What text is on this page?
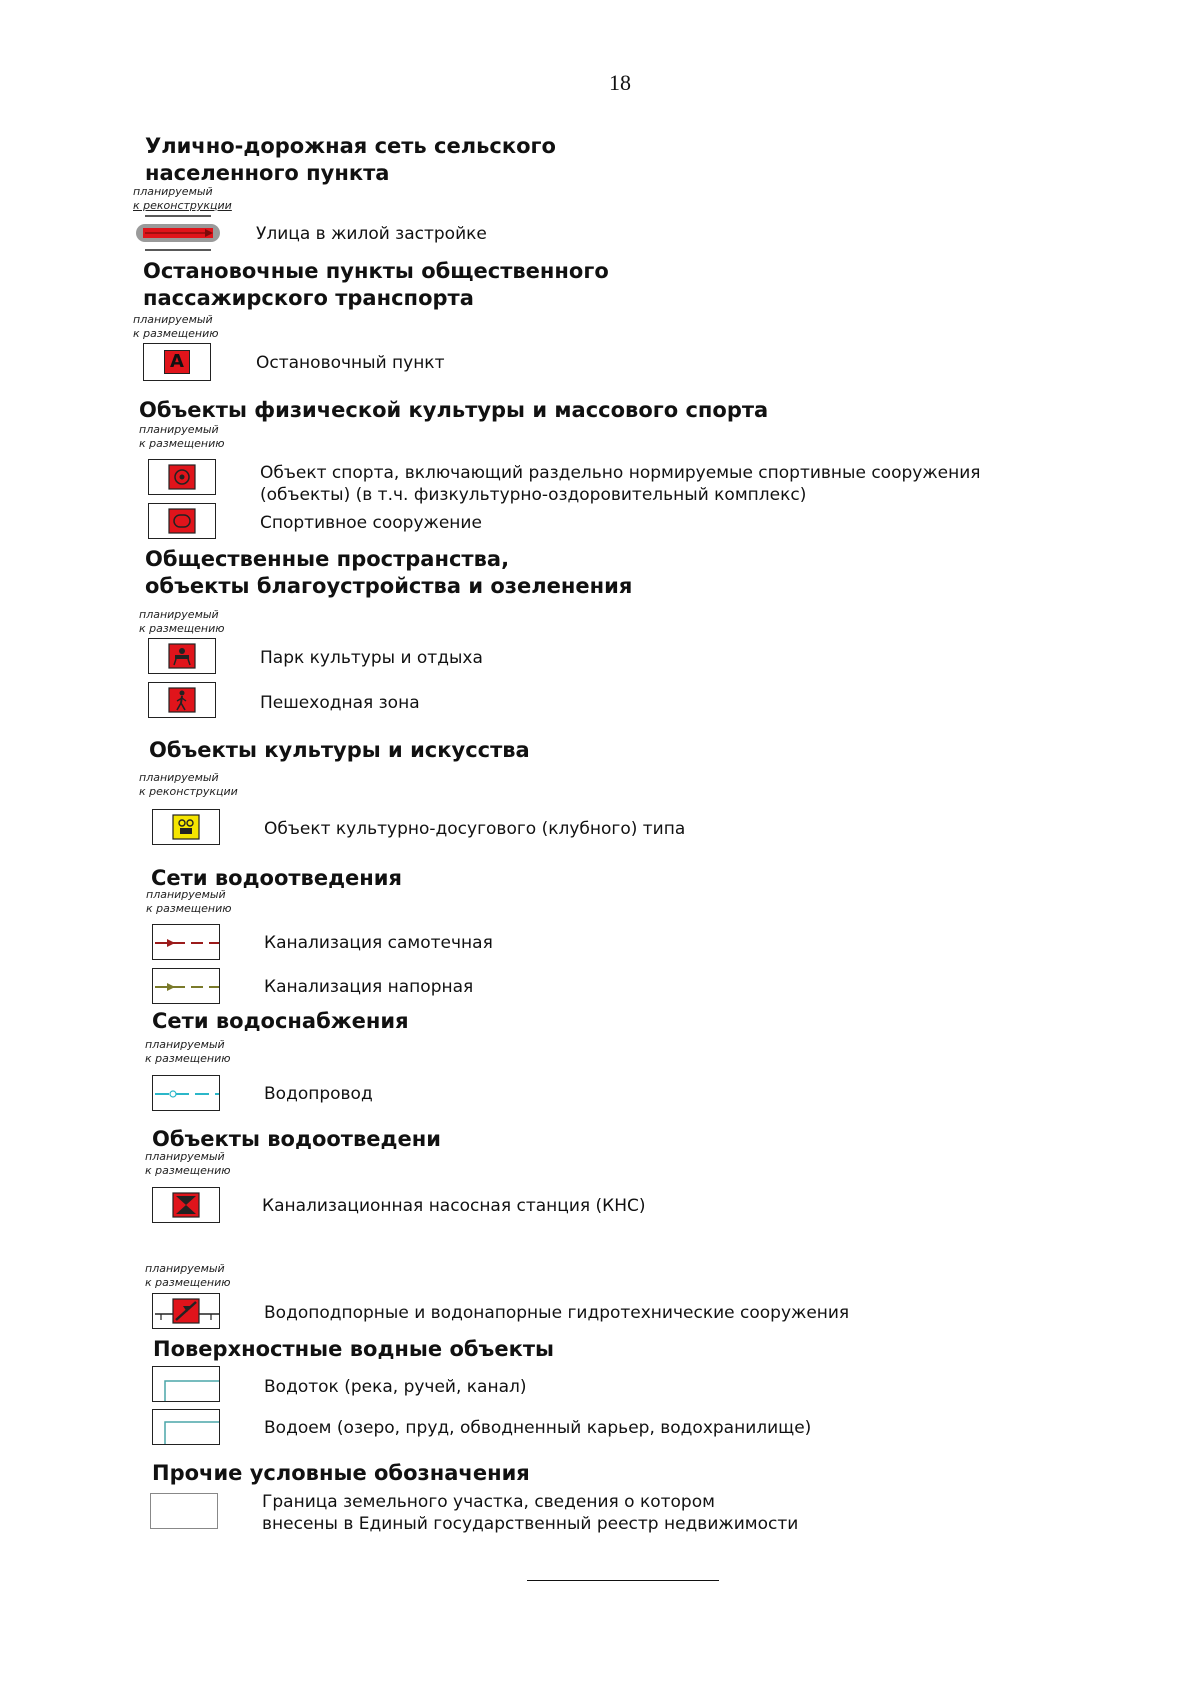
18
Улично-дорожная сеть сельского
населенного пункта
планируемый
к реконструкции
Улица в жилой застройке
Остановочные пункты общественного
пассажирского транспорта
планируемый
к размещению
А	Остановочный пункт
Объекты физической культуры и массового спорта
планируемый
к размещению
Объект спорта, включающий раздельно нормируемые спортивные сооружения
(объекты) (в т.ч. физкультурно-оздоровительный комплекс)
Спортивное сооружение
Общественные пространства,
объекты благоустройства и озеленения
планируемый
к размещению
Парк культуры и отдыха
Пешеходная зона
Объекты культуры и искусства
планируемый
к реконструкции
Объект культурно-досугового (клубного) типа
Сети водоотведения
планируемый
к размещению
Канализация самотечная
Канализация напорная
Сети водоснабжения
планируемый
к размещению
Водопровод
Объекты водоотведени
планируемый
к размещению
Канализационная насосная станция (КНС)
планируемый
к размещению
Водоподпорные и водонапорные гидротехнические сооружения
Поверхностные водные объекты
Водоток (река, ручей, канал)
Водоем (озеро, пруд, обводненный карьер, водохранилище)
Прочие условные обозначения
Граница земельного участка, сведения о котором
внесены в Единый государственный реестр недвижимости
